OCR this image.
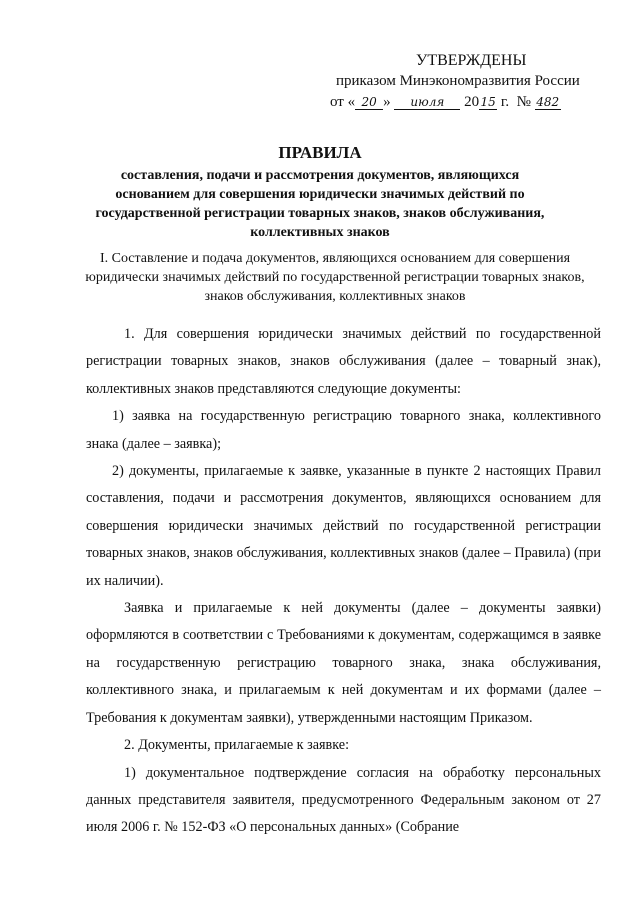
УТВЕРЖДЕНЫ
приказом Минэкономразвития России
от « 20 » июля 2015 г. № 482
ПРАВИЛА
составления, подачи и рассмотрения документов, являющихся основанием для совершения юридически значимых действий по государственной регистрации товарных знаков, знаков обслуживания, коллективных знаков
I. Составление и подача документов, являющихся основанием для совершения юридически значимых действий по государственной регистрации товарных знаков, знаков обслуживания, коллективных знаков

1. Для совершения юридически значимых действий по государственной регистрации товарных знаков, знаков обслуживания (далее – товарный знак), коллективных знаков представляются следующие документы:

1) заявка на государственную регистрацию товарного знака, коллективного знака (далее – заявка);

2) документы, прилагаемые к заявке, указанные в пункте 2 настоящих Правил составления, подачи и рассмотрения документов, являющихся основанием для совершения юридически значимых действий по государственной регистрации товарных знаков, знаков обслуживания, коллективных знаков (далее – Правила) (при их наличии).

Заявка и прилагаемые к ней документы (далее – документы заявки) оформляются в соответствии с Требованиями к документам, содержащимся в заявке на государственную регистрацию товарного знака, знака обслуживания, коллективного знака, и прилагаемым к ней документам и их формами (далее – Требования к документам заявки), утвержденными настоящим Приказом.

2. Документы, прилагаемые к заявке:

1) документальное подтверждение согласия на обработку персональных данных представителя заявителя, предусмотренного Федеральным законом от 27 июля 2006 г. № 152-ФЗ «О персональных данных» (Собрание
